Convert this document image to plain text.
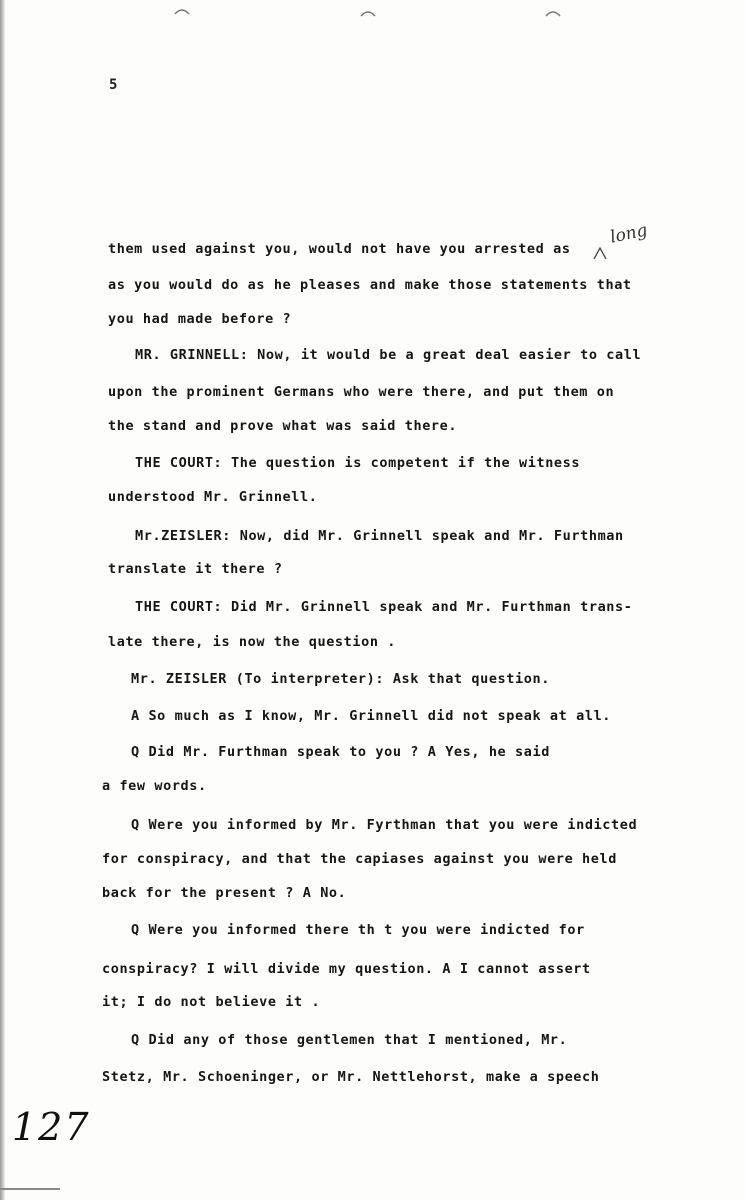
5
long
them used against you, would not have you arrested as
as you would do as he pleases and make those statements that
you had made before ?
MR. GRINNELL: Now, it would be a great deal easier to call
upon the prominent Germans who were there, and put them on
the stand and prove what was said there.
THE COURT: The question is competent if the witness
understood Mr. Grinnell.
Mr.ZEISLER: Now, did Mr. Grinnell speak and Mr. Furthman
translate it there ?
THE COURT: Did Mr. Grinnell speak and Mr. Furthman trans-
late there, is now the question .
Mr. ZEISLER (To interpreter): Ask that question.
A So much as I know, Mr. Grinnell did not speak at all.
Q Did Mr. Furthman speak to you ? A Yes, he said
a few words.
Q Were you informed by Mr. Fyrthman that you were indicted
for conspiracy, and that the capiases against you were held
back for the present ? A No.
Q Were you informed there th t you were indicted for
conspiracy? I will divide my question. A I cannot assert
it; I do not believe it .
Q Did any of those gentlemen that I mentioned, Mr.
Stetz, Mr. Schoeninger, or Mr. Nettlehorst, make a speech
127
